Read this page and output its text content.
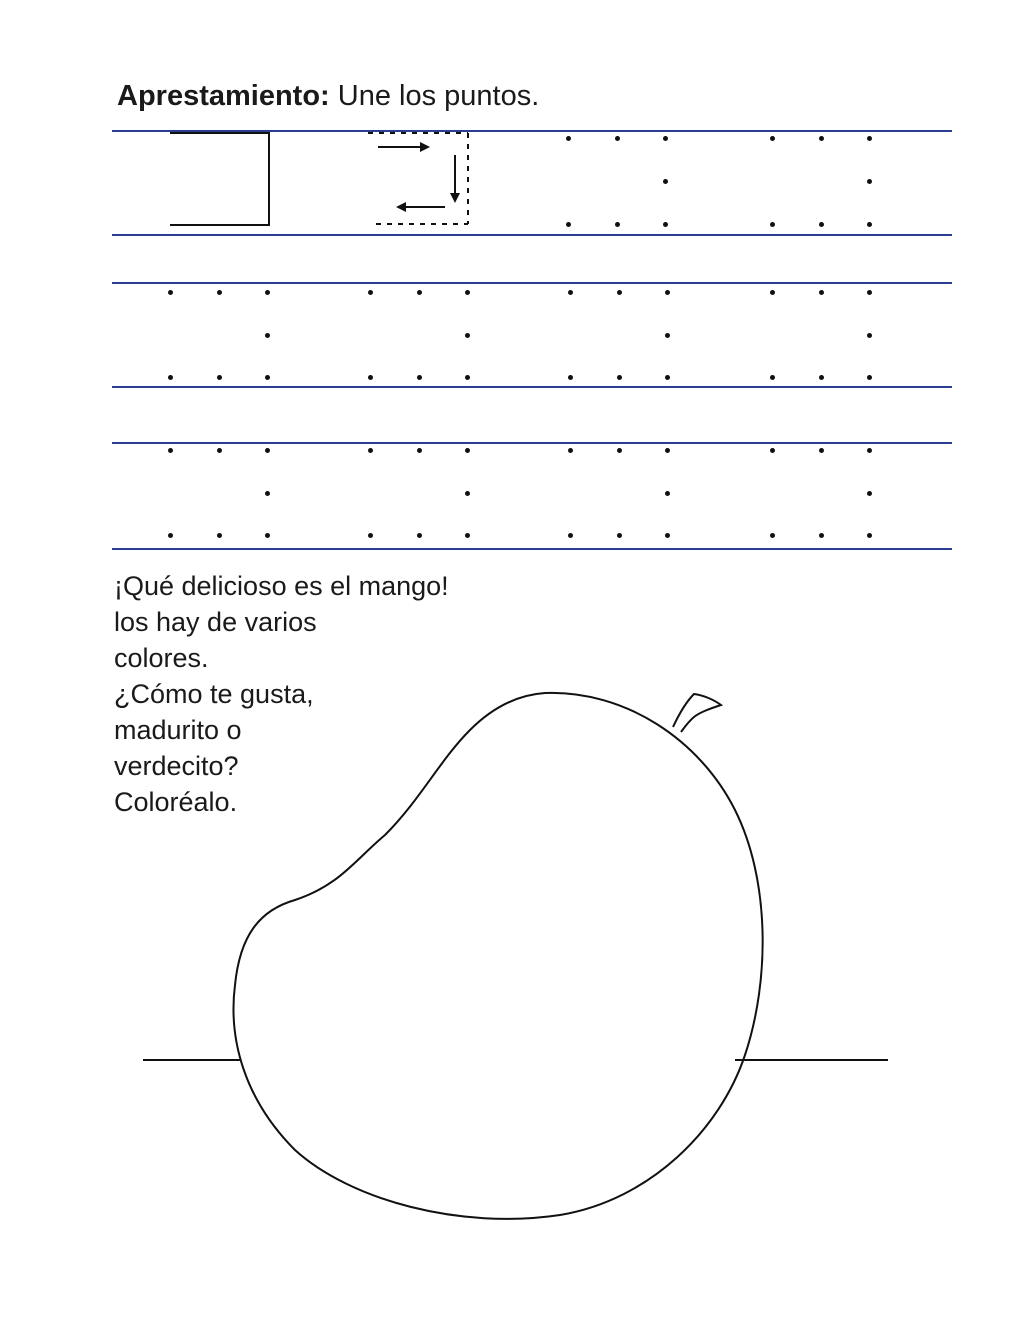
Aprestamiento: Une los puntos.
¡Qué delicioso es el mango!
los hay de varios
colores.
¿Cómo te gusta,
madurito o
verdecito?
Coloréalo.
